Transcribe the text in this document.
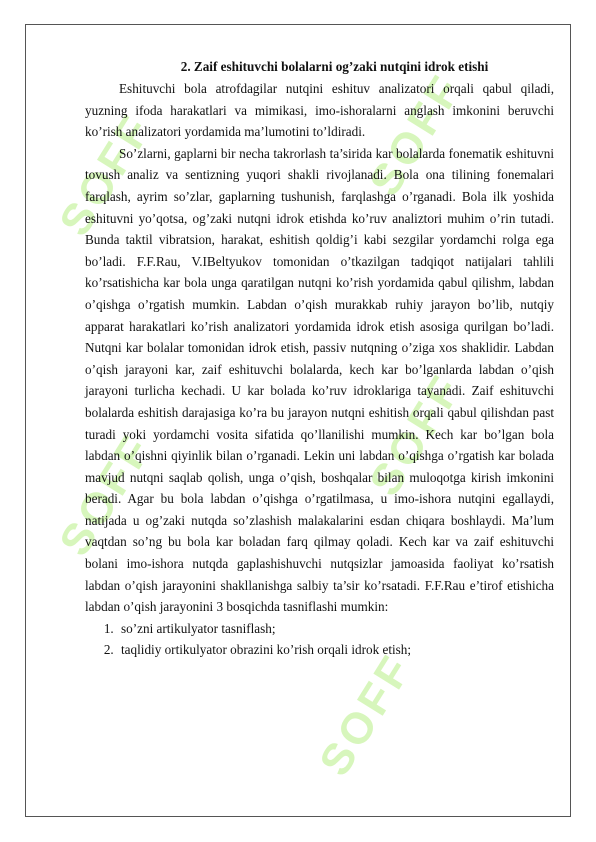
SOFF	SOFF
SOFF	SOFF
SOFF
2. Zaif eshituvchi bolalarni og’zaki nutqini idrok etishi

Eshituvchi bola atrofdagilar nutqini eshituv analizatori orqali qabul qiladi, yuzning ifoda harakatlari va mimikasi, imo-ishoralarni anglash imkonini beruvchi ko’rish analizatori yordamida ma’lumotini to’ldiradi.

So’zlarni, gaplarni bir necha takrorlash ta’sirida kar bolalarda fonematik eshituvni tovush analiz va sentizning yuqori shakli rivojlanadi. Bola ona tilining fonemalari farqlash, ayrim so’zlar, gaplarning tushunish, farqlashga o’rganadi. Bola ilk yoshida eshituvni yo’qotsa, og’zaki nutqni idrok etishda ko’ruv analiztori muhim o’rin tutadi. Bunda taktil vibratsion, harakat, eshitish qoldig’i kabi sezgilar yordamchi rolga ega bo’ladi. F.F.Rau, V.IBeltyukov tomonidan o’tkazilgan tadqiqot natijalari tahlili ko’rsatishicha kar bola unga qaratilgan nutqni ko’rish yordamida qabul qilishm, labdan o’qishga o’rgatish mumkin. Labdan o’qish murakkab ruhiy jarayon bo’lib, nutqiy apparat harakatlari ko’rish analizatori yordamida idrok etish asosiga qurilgan bo’ladi. Nutqni kar bolalar tomonidan idrok etish, passiv nutqning o’ziga xos shaklidir. Labdan o’qish jarayoni kar, zaif eshituvchi bolalarda, kech kar bo’lganlarda labdan o’qish jarayoni turlicha kechadi. U kar bolada ko’ruv idroklariga tayanadi. Zaif eshituvchi bolalarda eshitish darajasiga ko’ra bu jarayon nutqni eshitish orqali qabul qilishdan past turadi yoki yordamchi vosita sifatida qo’llanilishi mumkin. Kech kar bo’lgan bola labdan o’qishni qiyinlik bilan o’rganadi. Lekin uni labdan o’qishga o’rgatish kar bolada mavjud nutqni saqlab qolish, unga o’qish, boshqalar bilan muloqotga kirish imkonini beradi. Agar bu bola labdan o’qishga o’rgatilmasa, u imo-ishora nutqini egallaydi, natijada u og’zaki nutqda so’zlashish malakalarini esdan chiqara boshlaydi. Ma’lum vaqtdan so’ng bu bola kar boladan farq qilmay qoladi. Kech kar va zaif eshituvchi bolani imo-ishora nutqda gaplashishuvchi nutqsizlar jamoasida faoliyat ko’rsatish labdan o’qish jarayonini shakllanishga salbiy ta’sir ko’rsatadi. F.F.Rau e’tirof etishicha labdan o’qish jarayonini 3 bosqichda tasniflashi mumkin:

1. so’zni artikulyator tasniflash;
2. taqlidiy ortikulyator obrazini ko’rish orqali idrok etish;
